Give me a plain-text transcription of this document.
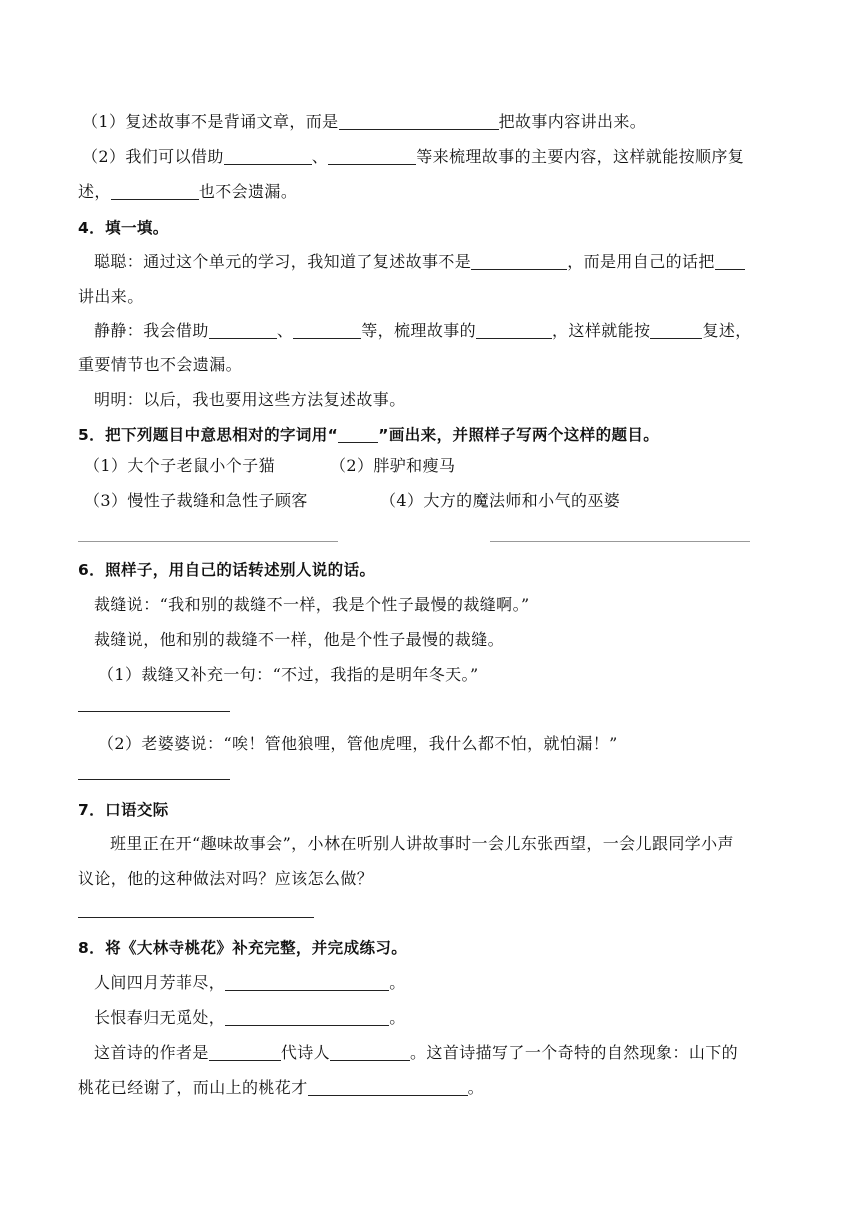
（1）复述故事不是背诵文章，而是	把故事内容讲出来。
（2）我们可以借助	、	等来梳理故事的主要内容，这样就能按顺序复
述，	也不会遗漏。
4．填一填。
聪聪：通过这个单元的学习，我知道了复述故事不是	，而是用自己的话把
讲出来。
静静：我会借助	、	等，梳理故事的	，这样就能按	复述，
重要情节也不会遗漏。
明明：以后，我也要用这些方法复述故事。
5．把下列题目中意思相对的字词用“	”画出来，并照样子写两个这样的题目。
（1）大个子老鼠小个子猫	（2）胖驴和瘦马
（3）慢性子裁缝和急性子顾客	（4）大方的魔法师和小气的巫婆
6．照样子，用自己的话转述别人说的话。
裁缝说：“我和别的裁缝不一样，我是个性子最慢的裁缝啊。”
裁缝说，他和别的裁缝不一样，他是个性子最慢的裁缝。
（1）裁缝又补充一句：“不过，我指的是明年冬天。”
（2）老婆婆说：“唉！管他狼哩，管他虎哩，我什么都不怕，就怕漏！”
7．口语交际
班里正在开“趣味故事会”，小林在听别人讲故事时一会儿东张西望，一会儿跟同学小声
议论，他的这种做法对吗？应该怎么做？
8．将《大林寺桃花》补充完整，并完成练习。
人间四月芳菲尽，	。
长恨春归无觅处，	。
这首诗的作者是	代诗人	。这首诗描写了一个奇特的自然现象：山下的
桃花已经谢了，而山上的桃花才	。
